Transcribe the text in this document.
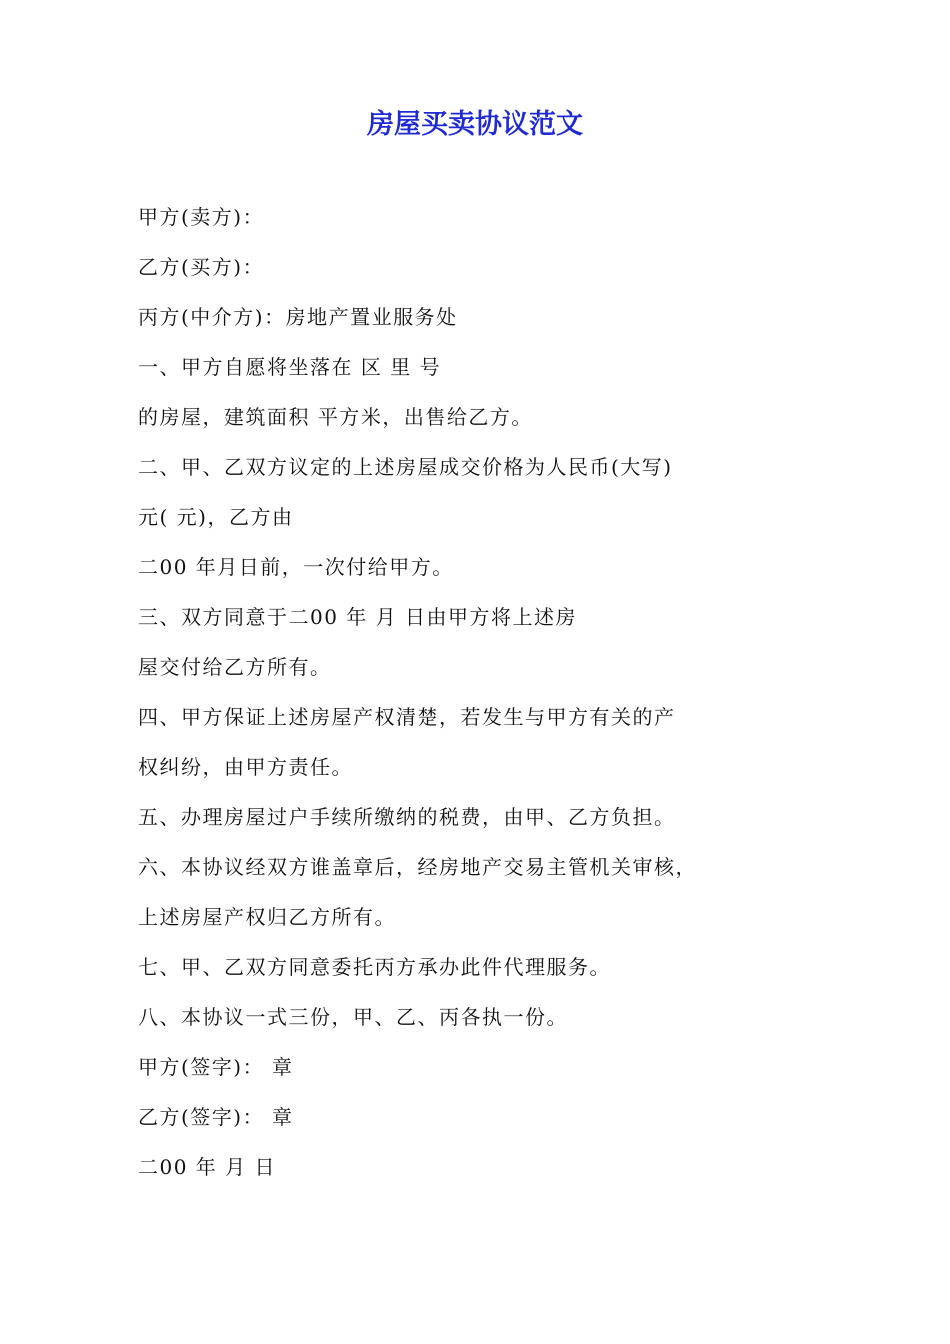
房屋买卖协议范文
甲方(卖方)：
乙方(买方)：
丙方(中介方)：房地产置业服务处
一、甲方自愿将坐落在 区 里 号
的房屋，建筑面积 平方米，出售给乙方。
二、甲、乙双方议定的上述房屋成交价格为人民币(大写)
元( 元)，乙方由
二00 年月日前，一次付给甲方。
三、双方同意于二00 年 月 日由甲方将上述房
屋交付给乙方所有。
四、甲方保证上述房屋产权清楚，若发生与甲方有关的产
权纠纷，由甲方责任。
五、办理房屋过户手续所缴纳的税费，由甲、乙方负担。
六、本协议经双方谁盖章后，经房地产交易主管机关审核，
上述房屋产权归乙方所有。
七、甲、乙双方同意委托丙方承办此件代理服务。
八、本协议一式三份，甲、乙、丙各执一份。
甲方(签字)： 章
乙方(签字)： 章
二00 年 月 日
